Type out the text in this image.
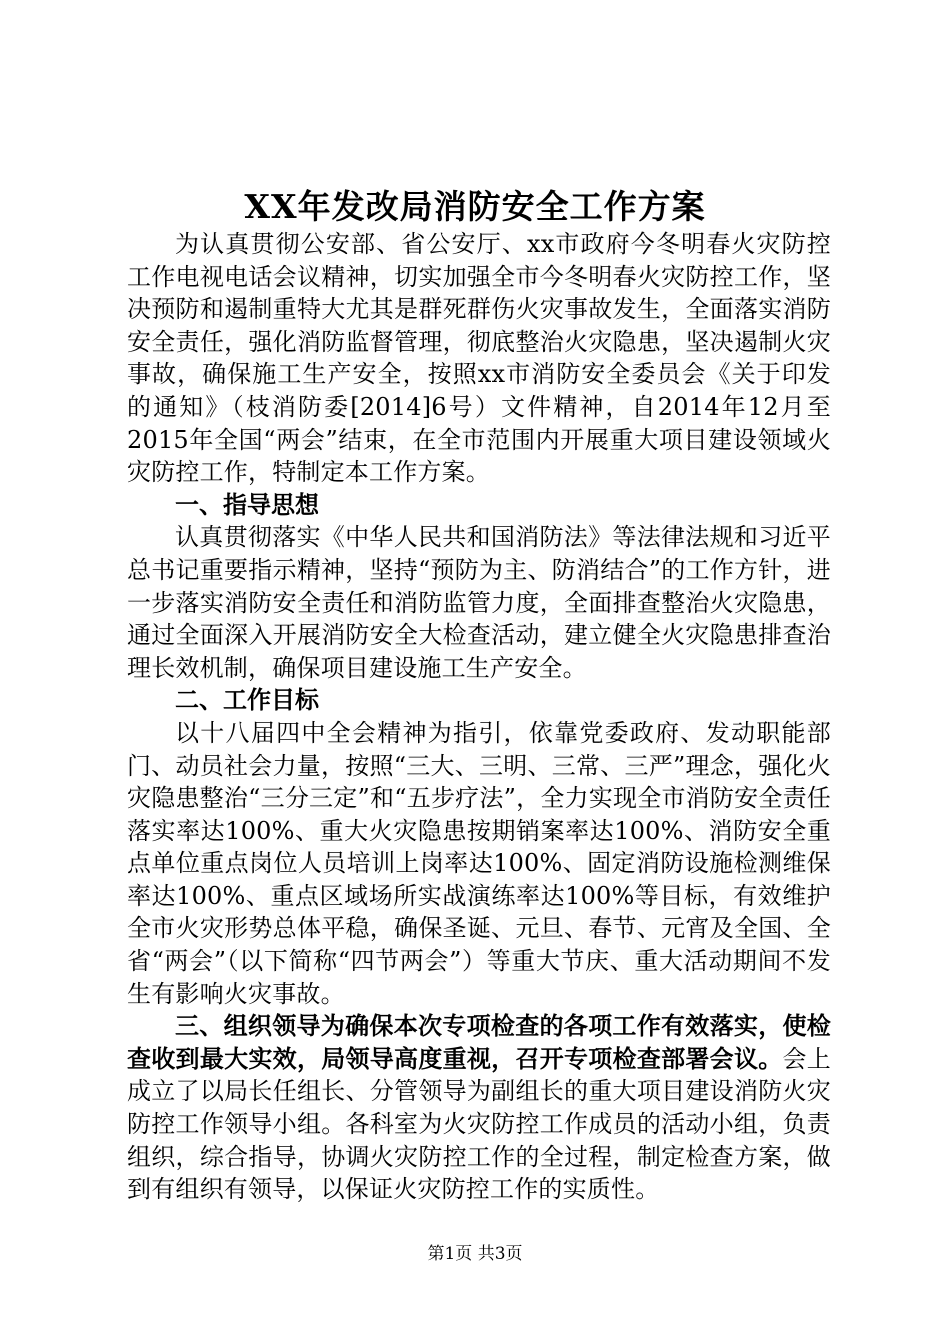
XX年发改局消防安全工作方案

为认真贯彻公安部、省公安厅、xx市政府今冬明春火灾防控工作电视电话会议精神，切实加强全市今冬明春火灾防控工作，坚决预防和遏制重特大尤其是群死群伤火灾事故发生，全面落实消防安全责任，强化消防监督管理，彻底整治火灾隐患，坚决遏制火灾事故，确保施工生产安全，按照xx市消防安全委员会《关于印发的通知》（枝消防委[2014]6号）文件精神，自2014年12月至2015年全国“两会”结束，在全市范围内开展重大项目建设领域火灾防控工作，特制定本工作方案。

一、指导思想

认真贯彻落实《中华人民共和国消防法》等法律法规和习近平总书记重要指示精神，坚持“预防为主、防消结合”的工作方针，进一步落实消防安全责任和消防监管力度，全面排查整治火灾隐患，通过全面深入开展消防安全大检查活动，建立健全火灾隐患排查治理长效机制，确保项目建设施工生产安全。

二、工作目标

以十八届四中全会精神为指引，依靠党委政府、发动职能部门、动员社会力量，按照“三大、三明、三常、三严”理念，强化火灾隐患整治“三分三定”和“五步疗法”，全力实现全市消防安全责任落实率达100%、重大火灾隐患按期销案率达100%、消防安全重点单位重点岗位人员培训上岗率达100%、固定消防设施检测维保率达100%、重点区域场所实战演练率达100%等目标，有效维护全市火灾形势总体平稳，确保圣诞、元旦、春节、元宵及全国、全省“两会”（以下简称“四节两会”）等重大节庆、重大活动期间不发生有影响火灾事故。

三、组织领导为确保本次专项检查的各项工作有效落实，使检查收到最大实效，局领导高度重视，召开专项检查部署会议。会上成立了以局长任组长、分管领导为副组长的重大项目建设消防火灾防控工作领导小组。各科室为火灾防控工作成员的活动小组，负责组织，综合指导，协调火灾防控工作的全过程，制定检查方案，做到有组织有领导，以保证火灾防控工作的实质性。

第1页 共3页
